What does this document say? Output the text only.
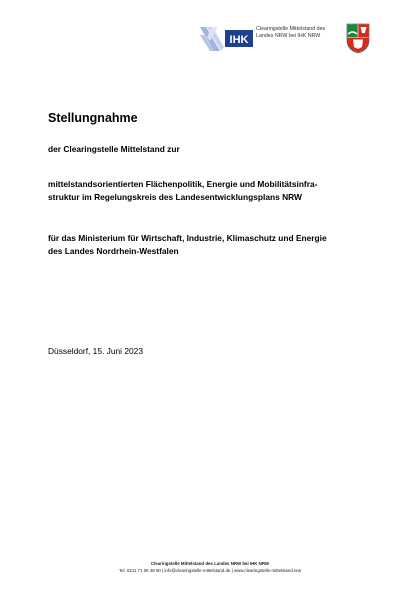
IHK
Clearingstelle Mittelstand des
Landes NRW bei IHK NRW
Stellungnahme
der Clearingstelle Mittelstand zur
mittelstandsorientierten Flächenpolitik, Energie und Mobilitätsinfra-
struktur im Regelungskreis des Landesentwicklungsplans NRW
für das Ministerium für Wirtschaft, Industrie, Klimaschutz und Energie
des Landes Nordrhein-Westfalen
Düsseldorf, 15. Juni 2023
Clearingstelle Mittelstand des Landes NRW bei IHK NRW
Tel. 0211 71 06 48 90 | info@clearingstelle-mittelstand.de | www.clearingstelle-mittelstand.nrw
